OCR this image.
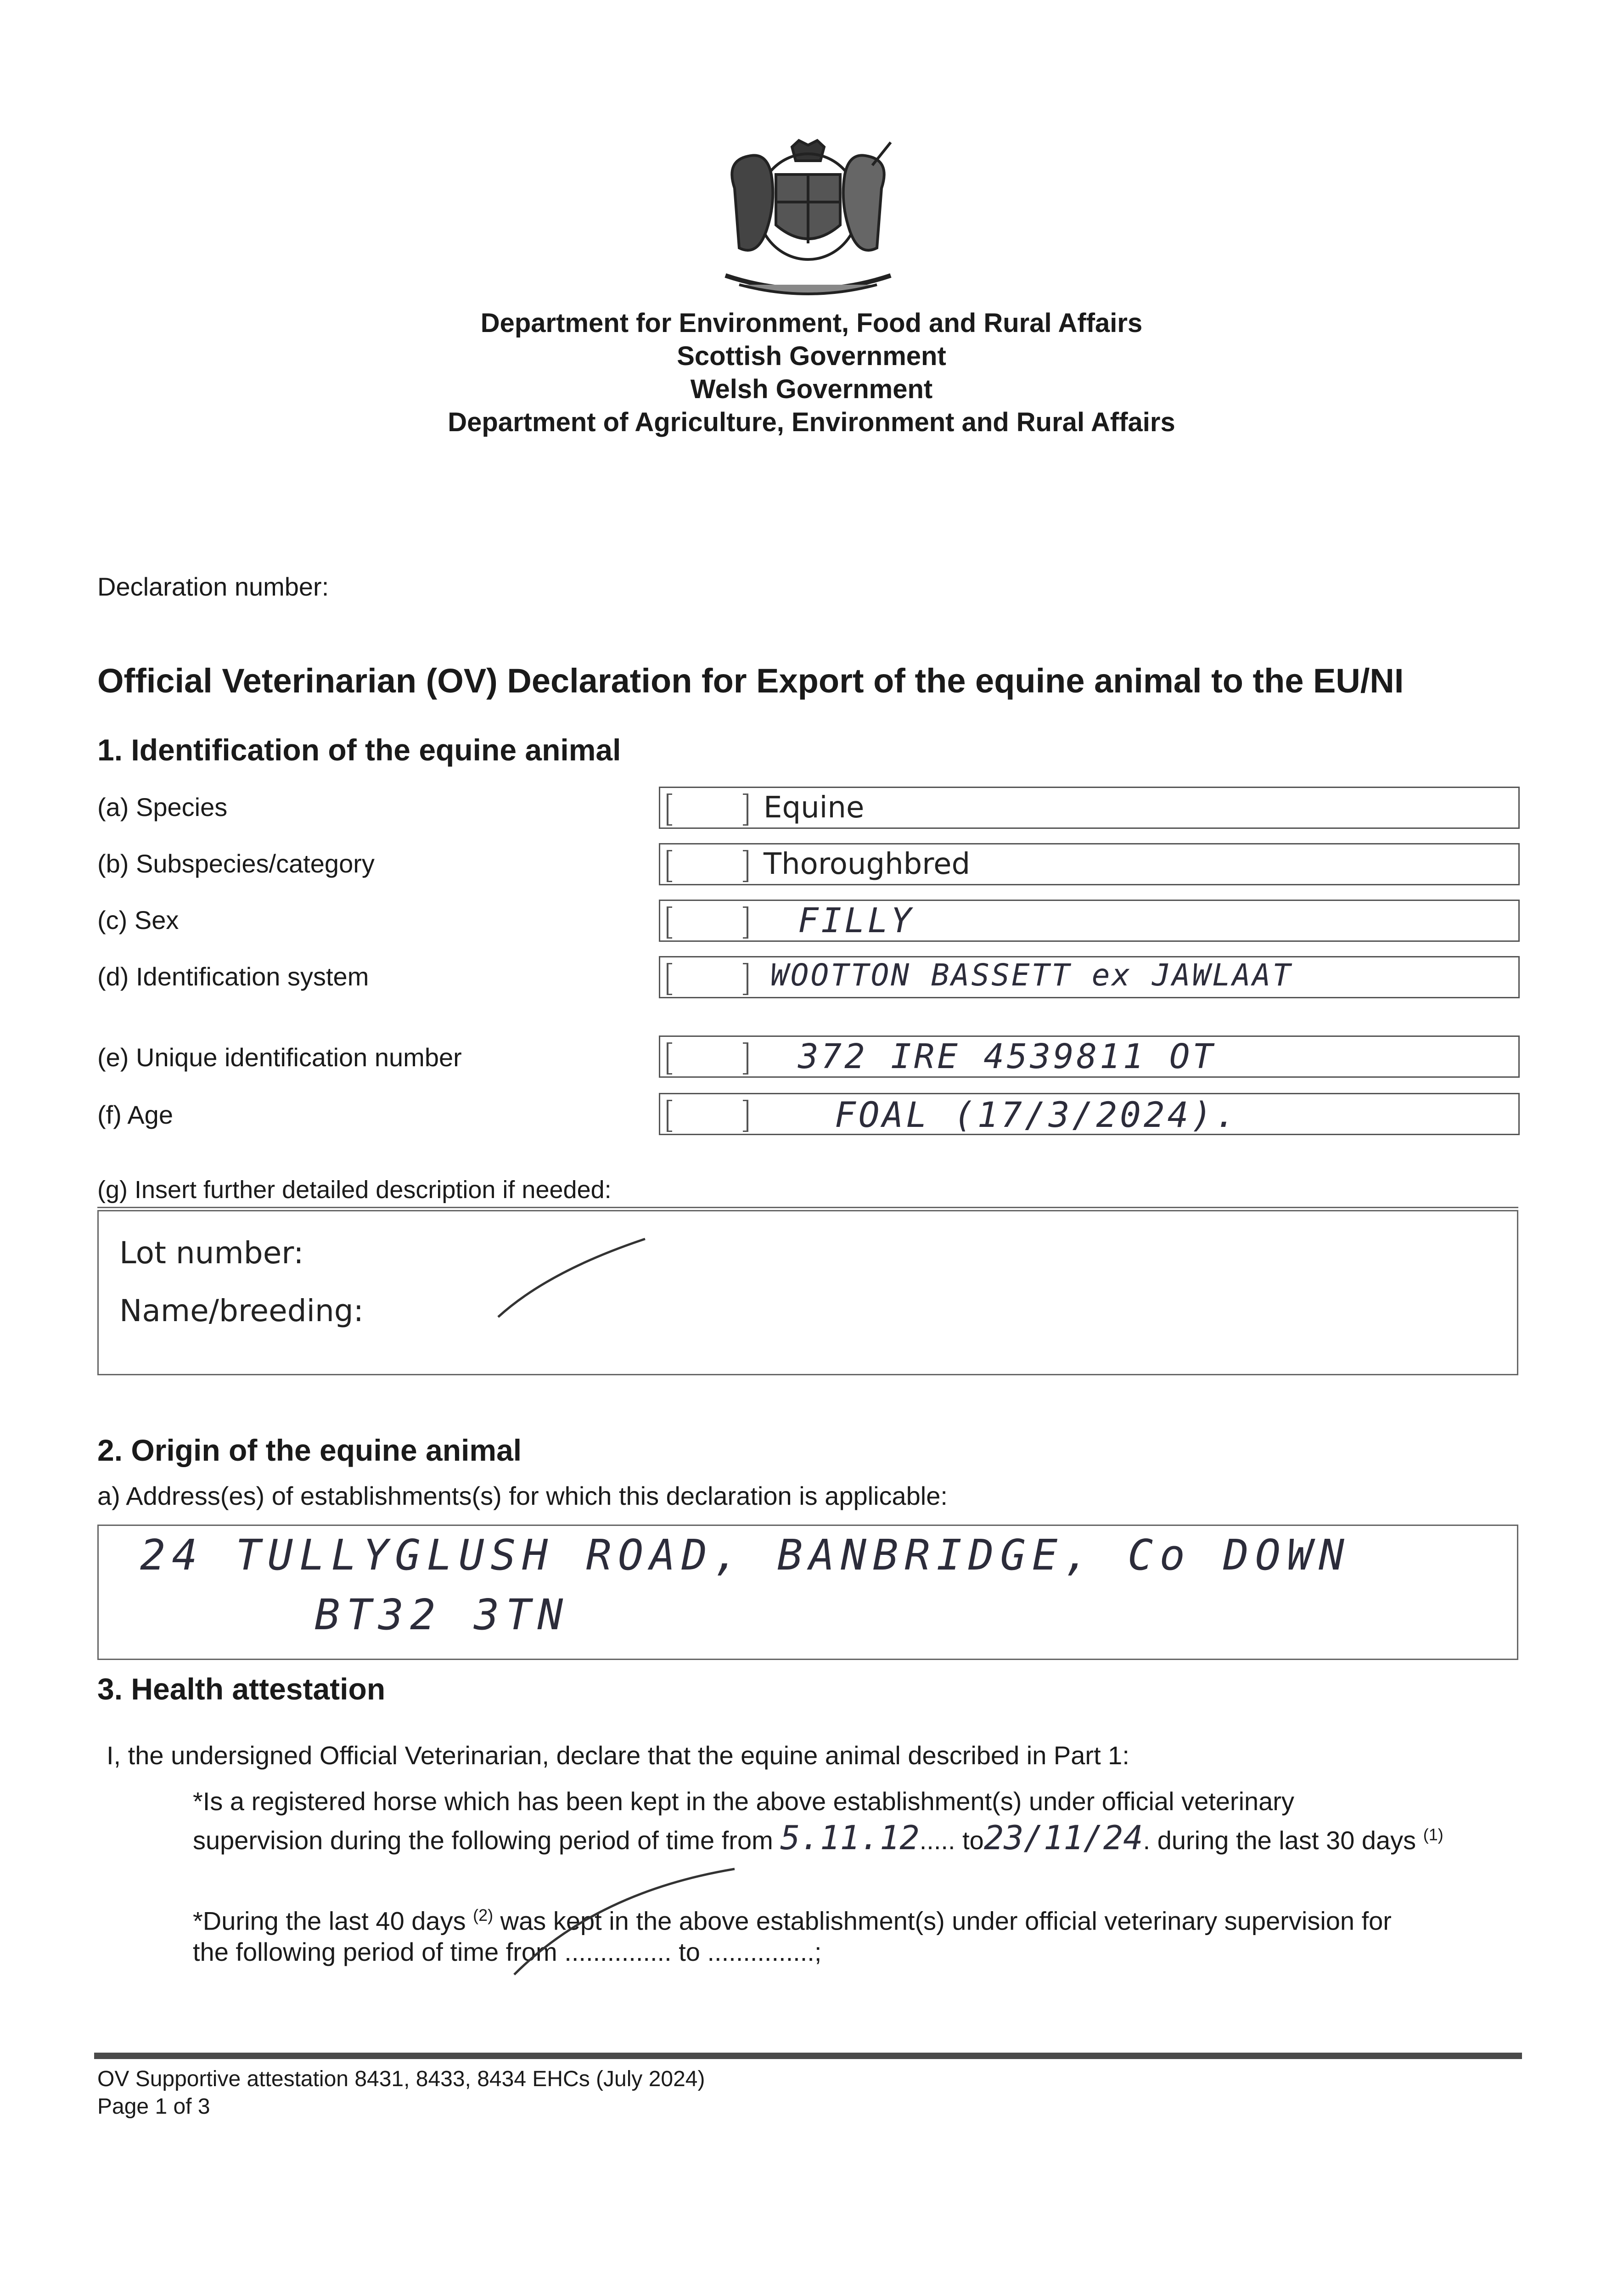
Department for Environment, Food and Rural Affairs
Scottish Government
Welsh Government
Department of Agriculture, Environment and Rural Affairs
Declaration number:
Official Veterinarian (OV) Declaration for Export of the equine animal to the EU/NI
1. Identification of the equine animal
(a) Species	Equine
(b) Subspecies/category	Thoroughbred
(c) Sex	FILLY
(d) Identification system	WOOTTON BASSETT ex JAWLAAT
(e) Unique identification number	372 IRE 4539811 OT
(f) Age	FOAL (17/3/2024).
(g) Insert further detailed description if needed:
Lot number:
Name/breeding:
2. Origin of the equine animal
a) Address(es) of establishments(s) for which this declaration is applicable:
24 TULLYGLUSH ROAD, BANBRIDGE, Co DOWN
BT32 3TN
3. Health attestation
I, the undersigned Official Veterinarian, declare that the equine animal described in Part 1:
*Is a registered horse which has been kept in the above establishment(s) under official veterinary
supervision during the following period of time from 5.11.12..... to23/11/24. during the last 30 days $^{(1)}$
*During the last 40 days $^{(2)}$ was kept in the above establishment(s) under official veterinary supervision for
the following period of time from ............... to ...............;
OV Supportive attestation 8431, 8433, 8434 EHCs (July 2024)
Page 1 of 3
